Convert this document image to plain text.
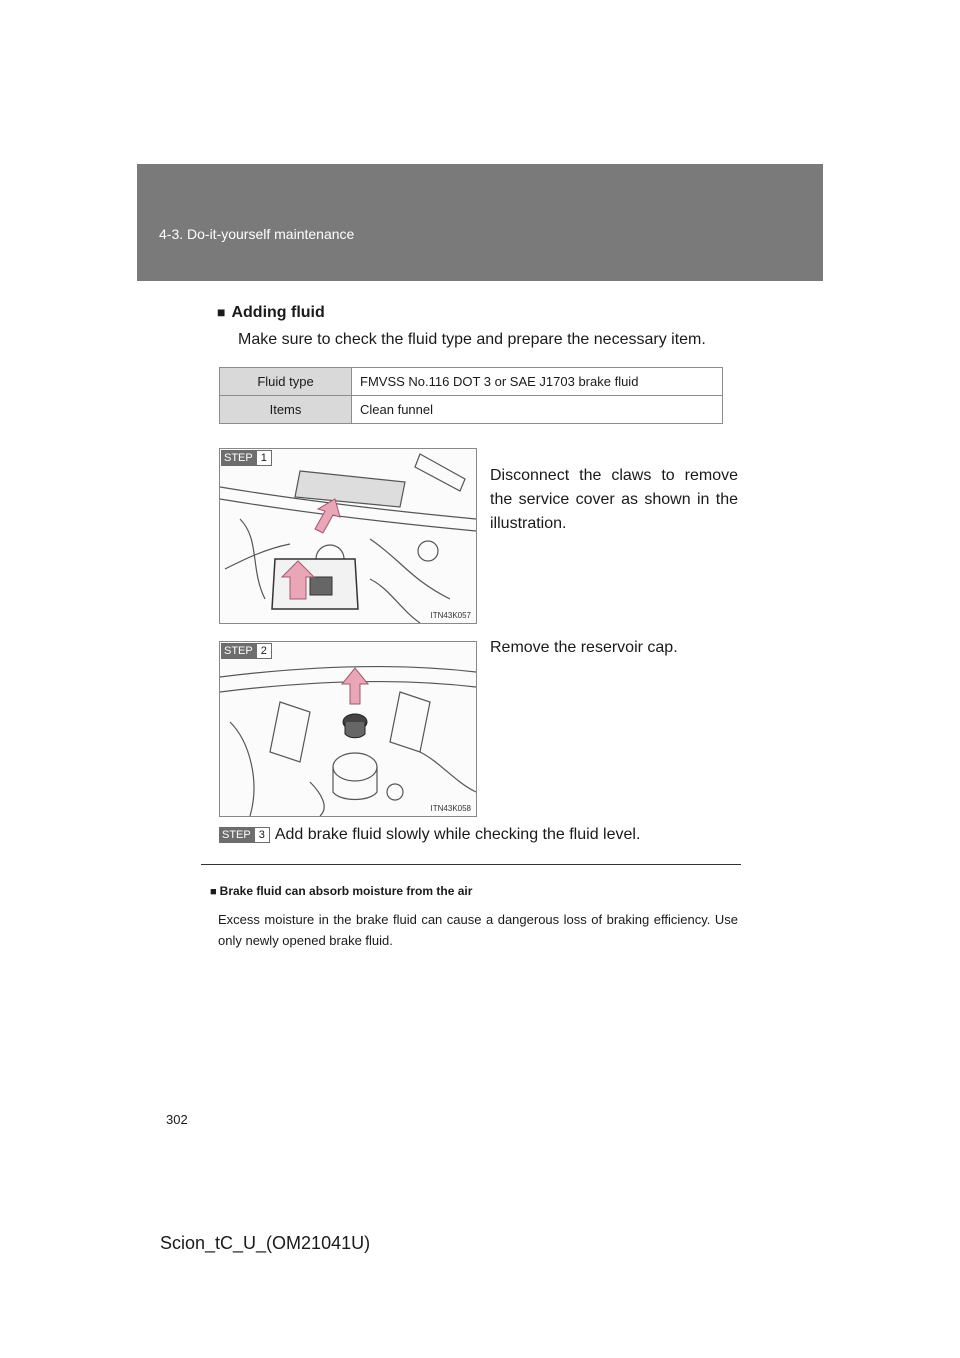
4-3. Do-it-yourself maintenance
■ Adding fluid
Make sure to check the fluid type and prepare the necessary item.
Fluid type	FMVSS No.116 DOT 3 or SAE J1703 brake fluid
Items	Clean funnel
STEP 1
ITN43K057
Disconnect the claws to remove the service cover as shown in the illustration.
STEP 2
ITN43K058
Remove the reservoir cap.
STEP 3 Add brake fluid slowly while checking the fluid level.
■ Brake fluid can absorb moisture from the air
Excess moisture in the brake fluid can cause a dangerous loss of braking efficiency. Use only newly opened brake fluid.
302
Scion_tC_U_(OM21041U)
